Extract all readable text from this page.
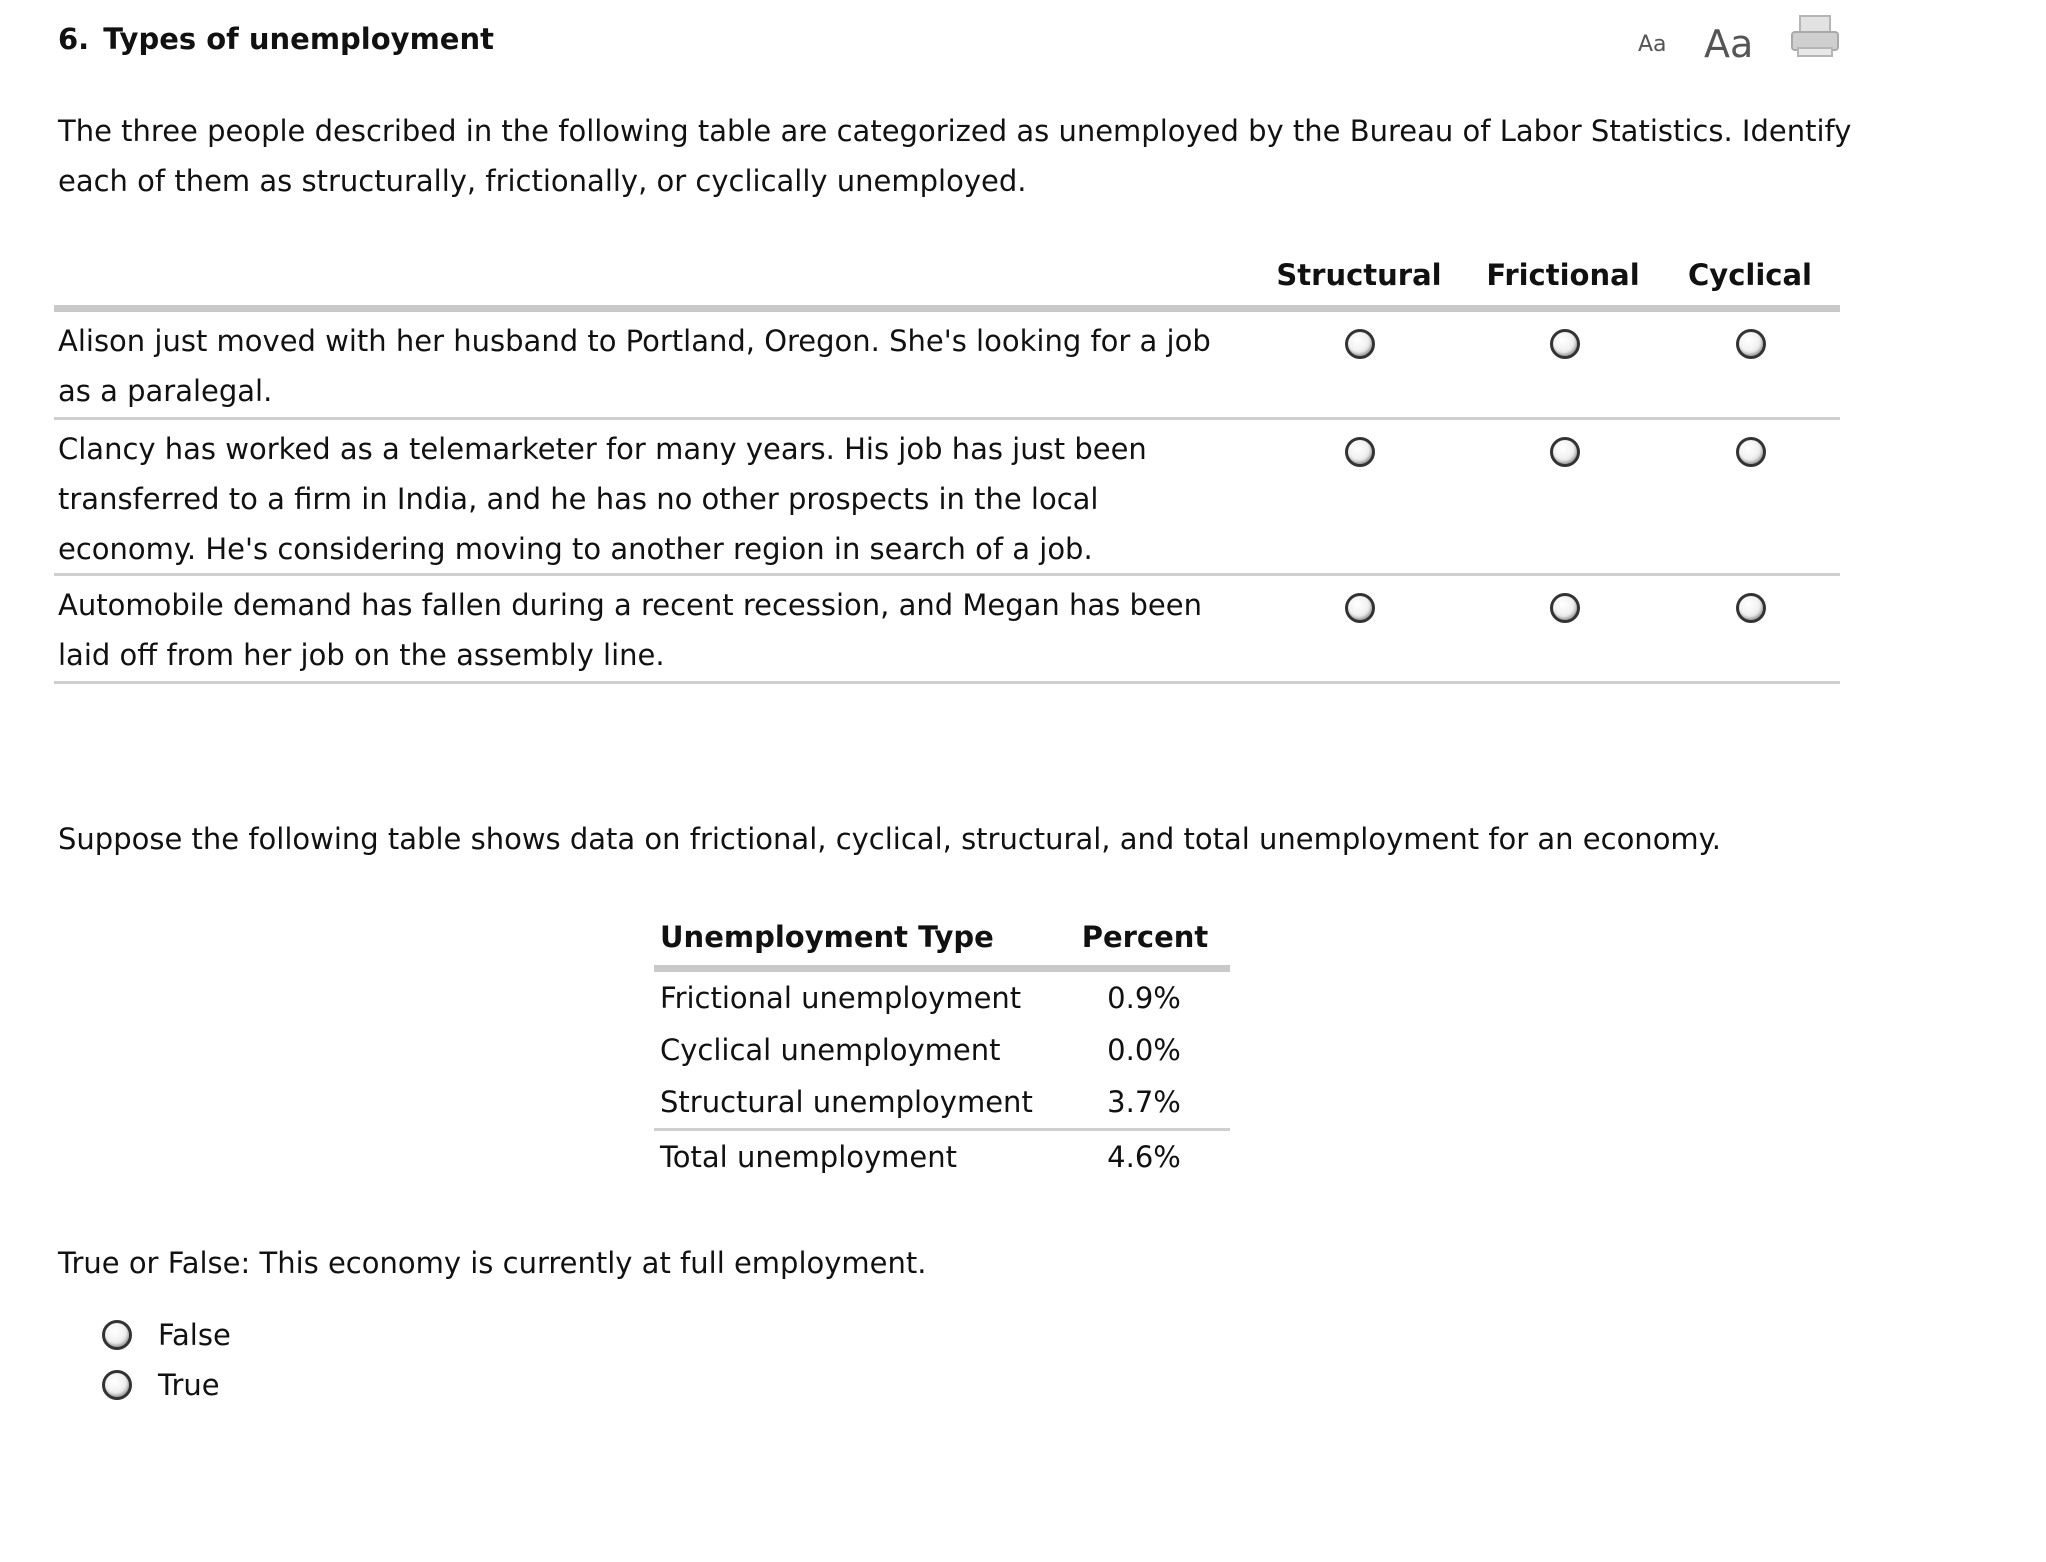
6. Types of unemployment	Aa Aa
The three people described in the following table are categorized as unemployed by the Bureau of Labor Statistics. Identify each of them as structurally, frictionally, or cyclically unemployed.
Structural Frictional Cyclical
Alison just moved with her husband to Portland, Oregon. She's looking for a job as a paralegal.
Clancy has worked as a telemarketer for many years. His job has just been transferred to a firm in India, and he has no other prospects in the local economy. He's considering moving to another region in search of a job.
Automobile demand has fallen during a recent recession, and Megan has been laid off from her job on the assembly line.
Suppose the following table shows data on frictional, cyclical, structural, and total unemployment for an economy.
Unemployment Type	Percent
Frictional unemployment	0.9%
Cyclical unemployment	0.0%
Structural unemployment	3.7%
Total unemployment	4.6%
True or False: This economy is currently at full employment.
False
True
